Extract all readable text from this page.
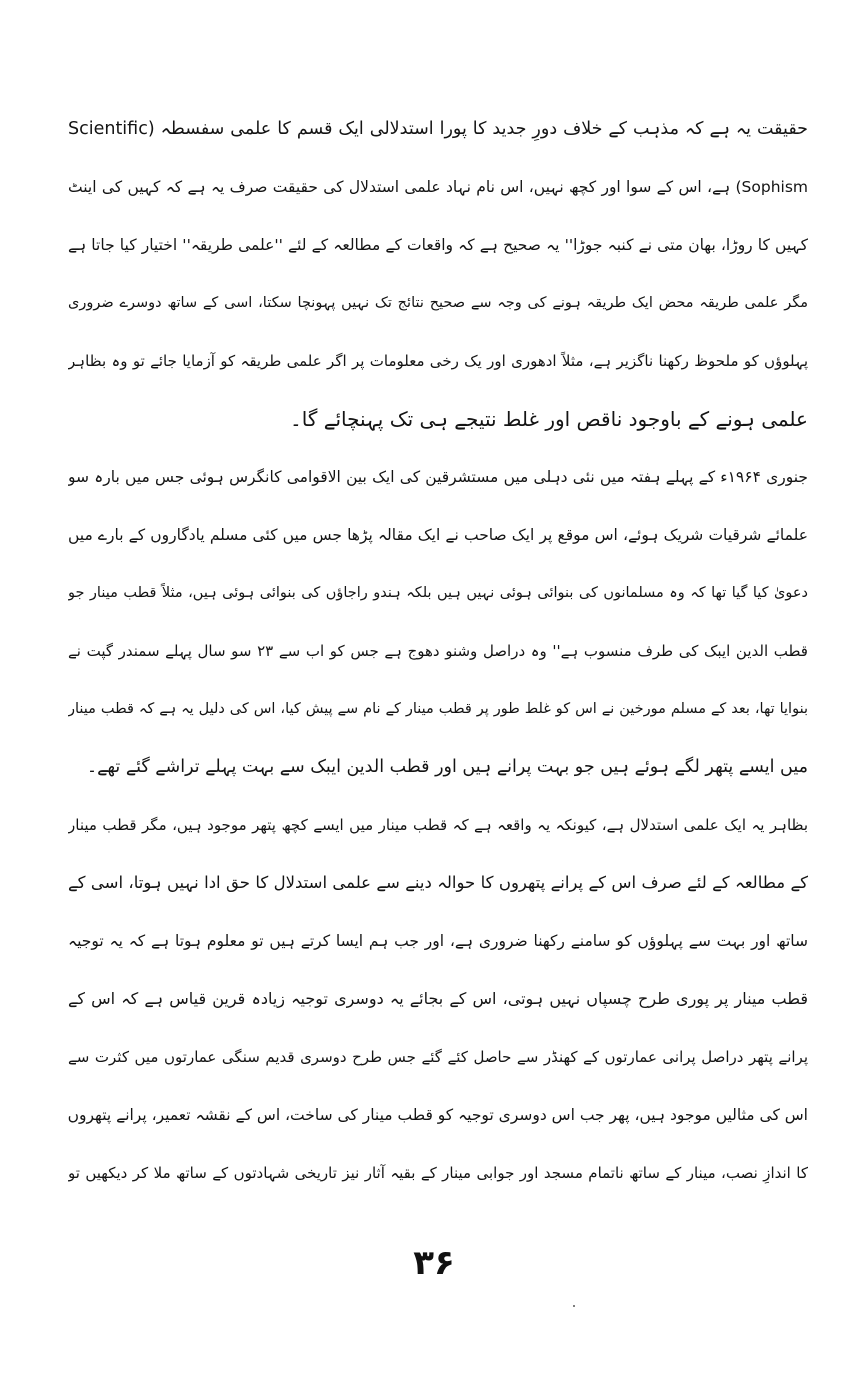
حقیقت یہ ہے کہ مذہب کے خلاف دورِ جدید کا پورا استدلالی ایک قسم کا علمی سفسطہ (Scientific
Sophism) ہے، اس کے سوا اور کچھ نہیں، اس نام نہاد علمی استدلال کی حقیقت صرف یہ ہے کہ کہیں کی اینٹ
کہیں کا روڑا، بھان متی نے کنبہ جوڑا'' یہ صحیح ہے کہ واقعات کے مطالعہ کے لئے ''علمی طریقہ'' اختیار کیا جاتا ہے
مگر علمی طریقہ محض ایک طریقہ ہونے کی وجہ سے صحیح نتائج تک نہیں پہونچا سکتا، اسی کے ساتھ دوسرے ضروری
پہلوؤں کو ملحوظ رکھنا ناگزیر ہے، مثلاً ادھوری اور یک رخی معلومات پر اگر علمی طریقہ کو آزمایا جائے تو وہ بظاہر
علمی ہونے کے باوجود ناقص اور غلط نتیجے ہی تک پہنچائے گا۔
جنوری ۱۹۶۴ء کے پہلے ہفتہ میں نئی دہلی میں مستشرقین کی ایک بین الاقوامی کانگرس ہوئی جس میں بارہ سو
علمائے شرقیات شریک ہوئے، اس موقع پر ایک صاحب نے ایک مقالہ پڑھا جس میں کئی مسلم یادگاروں کے بارے میں
دعویٰ کیا گیا تھا کہ وہ مسلمانوں کی بنوائی ہوئی نہیں ہیں بلکہ ہندو راجاؤں کی بنوائی ہوئی ہیں، مثلاً قطب مینار جو
قطب الدین ایبک کی طرف منسوب ہے'' وہ دراصل وشنو دھوج ہے جس کو اب سے ۲۳ سو سال پہلے سمندر گپت نے
بنوایا تھا، بعد کے مسلم مورخین نے اس کو غلط طور پر قطب مینار کے نام سے پیش کیا، اس کی دلیل یہ ہے کہ قطب مینار
میں ایسے پتھر لگے ہوئے ہیں جو بہت پرانے ہیں اور قطب الدین ایبک سے بہت پہلے تراشے گئے تھے۔
بظاہر یہ ایک علمی استدلال ہے، کیونکہ یہ واقعہ ہے کہ قطب مینار میں ایسے کچھ پتھر موجود ہیں، مگر قطب مینار
کے مطالعہ کے لئے صرف اس کے پرانے پتھروں کا حوالہ دینے سے علمی استدلال کا حق ادا نہیں ہوتا، اسی کے
ساتھ اور بہت سے پہلوؤں کو سامنے رکھنا ضروری ہے، اور جب ہم ایسا کرتے ہیں تو معلوم ہوتا ہے کہ یہ توجیہ
قطب مینار پر پوری طرح چسپاں نہیں ہوتی، اس کے بجائے یہ دوسری توجیہ زیادہ قرین قیاس ہے کہ اس کے
پرانے پتھر دراصل پرانی عمارتوں کے کھنڈر سے حاصل کئے گئے جس طرح دوسری قدیم سنگی عمارتوں میں کثرت سے
اس کی مثالیں موجود ہیں، پھر جب اس دوسری توجیہ کو قطب مینار کی ساخت، اس کے نقشہ تعمیر، پرانے پتھروں
کا اندازِ نصب، مینار کے ساتھ ناتمام مسجد اور جوابی مینار کے بقیہ آثار نیز تاریخی شہادتوں کے ساتھ ملا کر دیکھیں تو
۳۶
